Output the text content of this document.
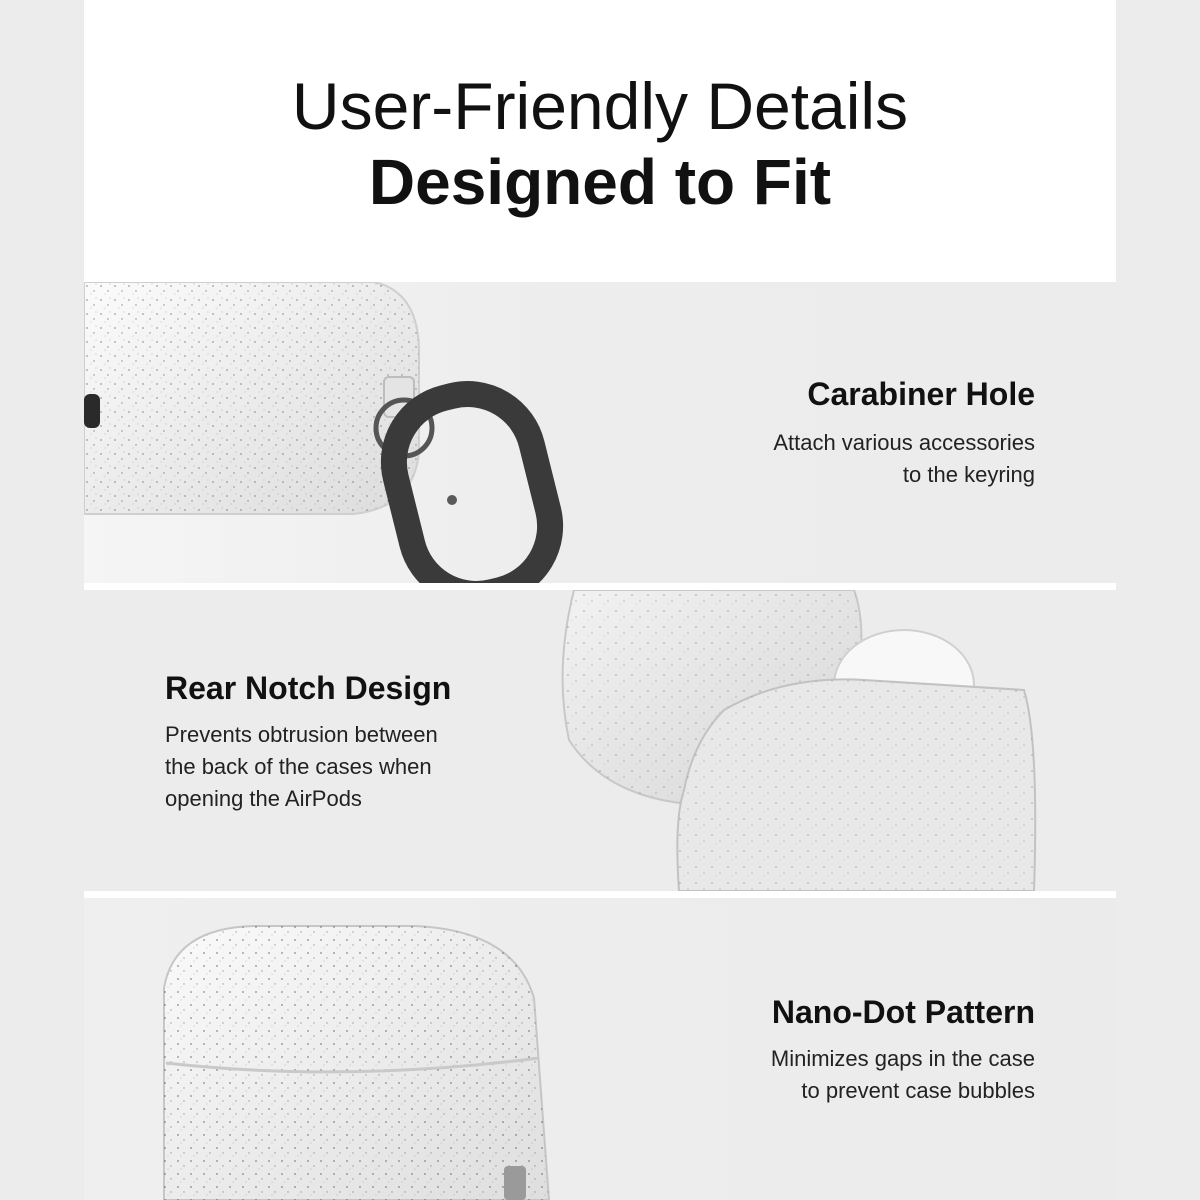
User-Friendly Details
Designed to Fit
Carabiner Hole
Attach various accessories
to the keyring
Rear Notch Design
Prevents obtrusion between
the back of the cases when
opening the AirPods
Nano-Dot Pattern
Minimizes gaps in the case
to prevent case bubbles
